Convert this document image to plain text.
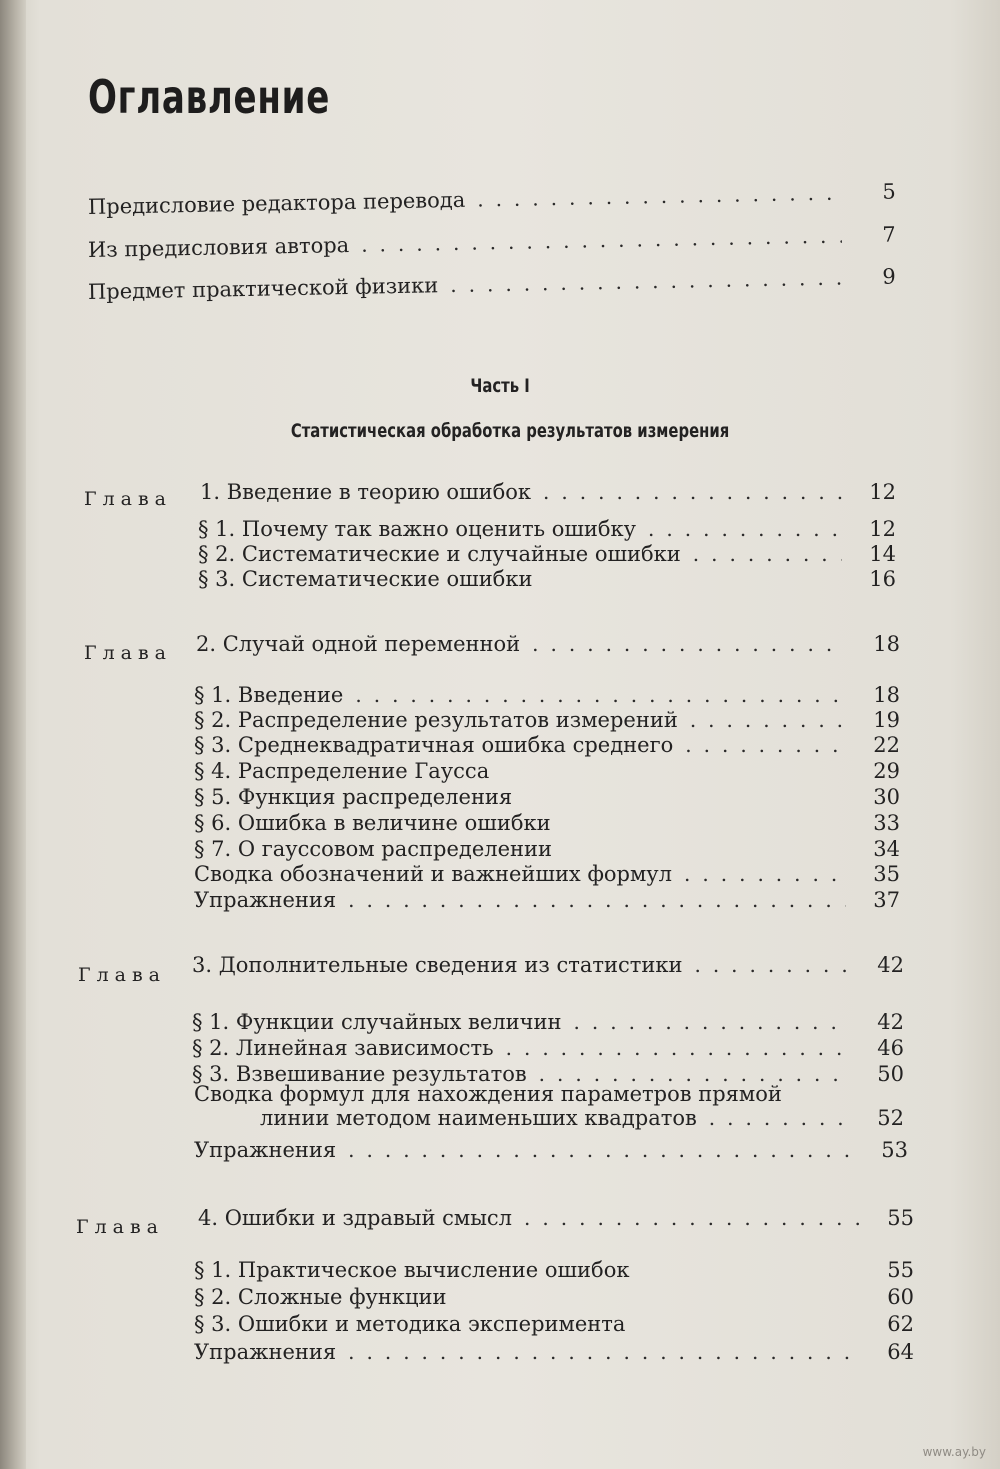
Оглавление
Предисловие редактора перевода .....	5
Из предисловия автора .....	7
Предмет практической физики .....	9
Часть I
Статистическая обработка результатов измерения
Глава 1. Введение в теорию ошибок .....	12
§ 1. Почему так важно оценить ошибку .....	12
§ 2. Систематические и случайные ошибки .....	14
§ 3. Систематические ошибки	16
Глава 2. Случай одной переменной .....	18
§ 1. Введение .....	18
§ 2. Распределение результатов измерений .....	19
§ 3. Среднеквадратичная ошибка среднего .....	22
§ 4. Распределение Гаусса	29
§ 5. Функция распределения	30
§ 6. Ошибка в величине ошибки	33
§ 7. О гауссовом распределении	34
Сводка обозначений и важнейших формул .....	35
Упражнения .....	37
Глава 3. Дополнительные сведения из статистики .....	42
§ 1. Функции случайных величин .....	42
§ 2. Линейная зависимость .....	46
§ 3. Взвешивание результатов .....	50
Сводка формул для нахождения параметров прямой
линии методом наименьших квадратов .....	52
Упражнения .....	53
Глава 4. Ошибки и здравый смысл .....	55
§ 1. Практическое вычисление ошибок	55
§ 2. Сложные функции	60
§ 3. Ошибки и методика эксперимента	62
Упражнения .....	64
www.ay.by
